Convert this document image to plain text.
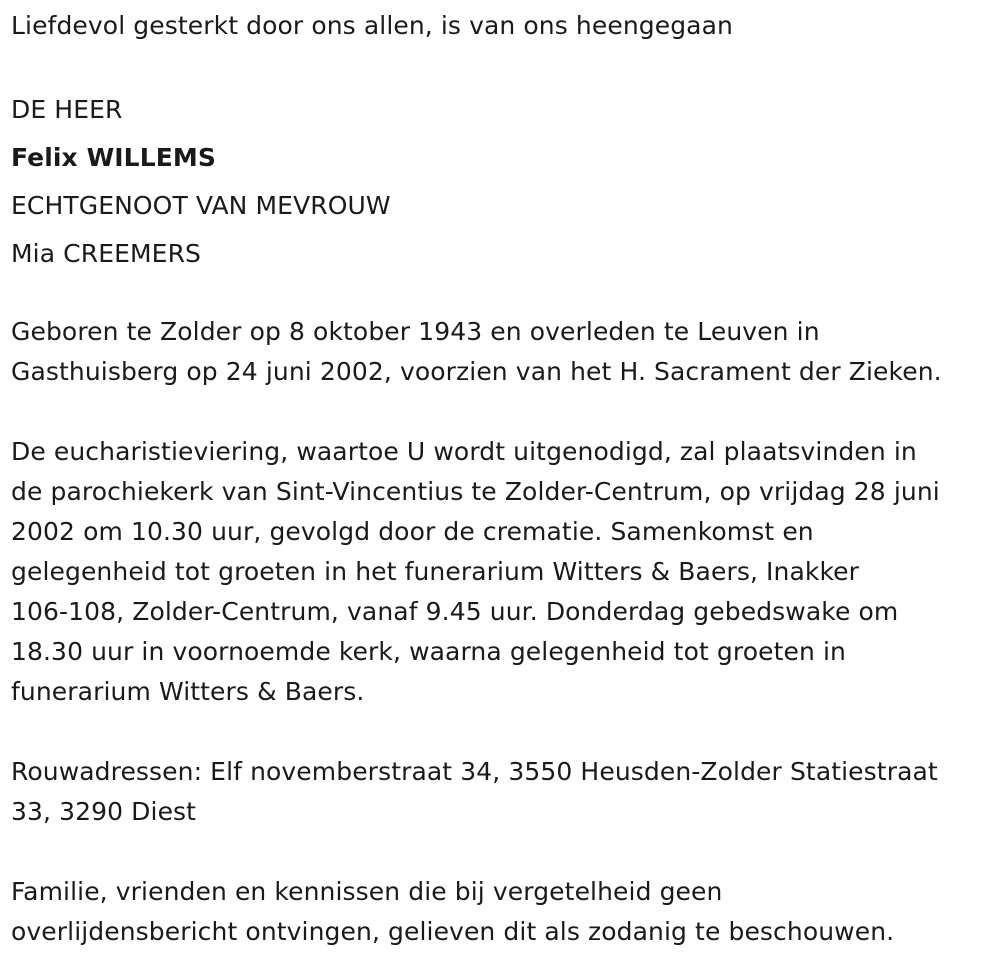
Liefdevol gesterkt door ons allen, is van ons heengegaan
DE HEER
Felix WILLEMS
ECHTGENOOT VAN MEVROUW
Mia CREEMERS
Geboren te Zolder op 8 oktober 1943 en overleden te Leuven in
Gasthuisberg op 24 juni 2002, voorzien van het H. Sacrament der Zieken.
De eucharistieviering, waartoe U wordt uitgenodigd, zal plaatsvinden in
de parochiekerk van Sint-Vincentius te Zolder-Centrum, op vrijdag 28 juni
2002 om 10.30 uur, gevolgd door de crematie. Samenkomst en
gelegenheid tot groeten in het funerarium Witters & Baers, Inakker
106-108, Zolder-Centrum, vanaf 9.45 uur. Donderdag gebedswake om
18.30 uur in voornoemde kerk, waarna gelegenheid tot groeten in
funerarium Witters & Baers.
Rouwadressen: Elf novemberstraat 34, 3550 Heusden-Zolder Statiestraat
33, 3290 Diest
Familie, vrienden en kennissen die bij vergetelheid geen
overlijdensbericht ontvingen, gelieven dit als zodanig te beschouwen.
